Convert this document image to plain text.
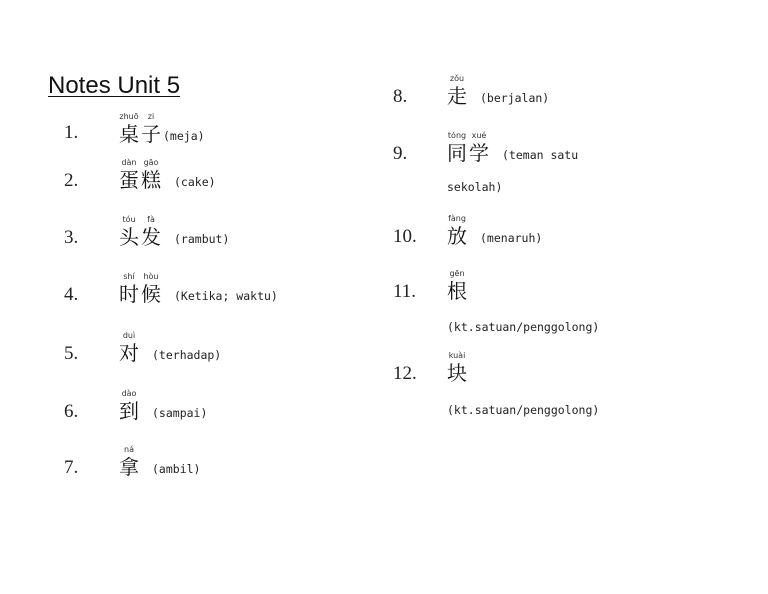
Notes Unit 5
1.
zhuō
桌
zi
子 (meja)
2.
dàn
蛋
gāo
糕 (cake)
3.
tóu
头
fà
发 (rambut)
4.
shí
时
hòu
候 (Ketika; waktu)
5.
duì
对 (terhadap)
6.
dào
到 (sampai)
7.
ná
拿 (ambil)
8.
zǒu
走 (berjalan)
9.
tóng
同
xué
学 (teman satu
sekolah)
10.
fàng
放 (menaruh)
11.
gēn
根
(kt.satuan/penggolong)
12.
kuài
块
(kt.satuan/penggolong)
